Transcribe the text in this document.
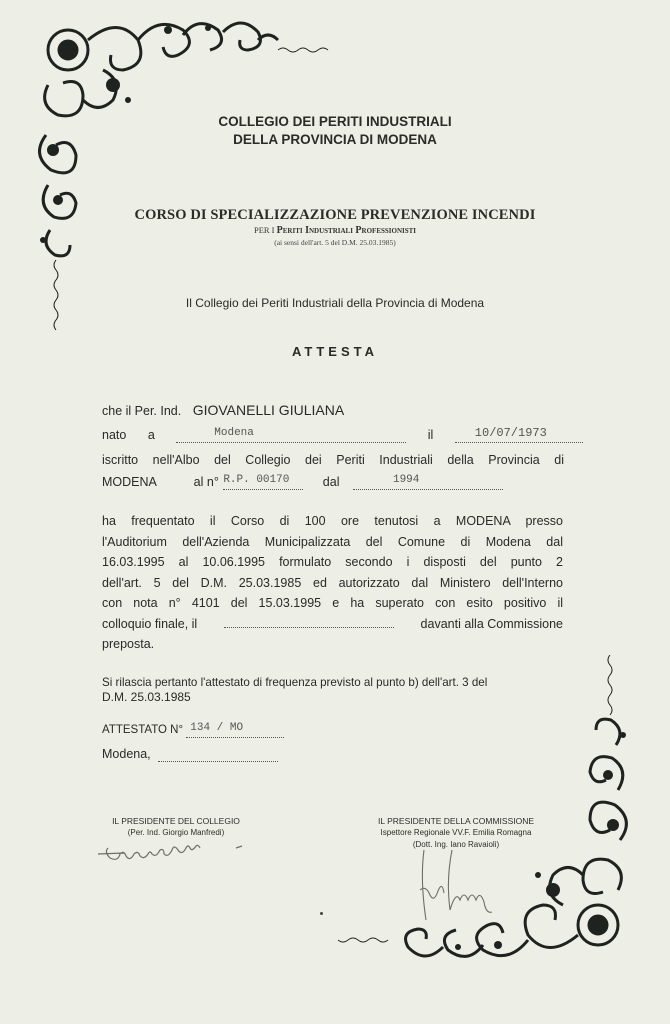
COLLEGIO DEI PERITI INDUSTRIALI
DELLA PROVINCIA DI MODENA
CORSO DI SPECIALIZZAZIONE PREVENZIONE INCENDI
PER I Periti Industriali Professionisti
(ai sensi dell'art. 5 del D.M. 25.03.1985)
Il Collegio dei Periti Industriali della Provincia di Modena
ATTESTA
che il Per. Ind. GIOVANELLI GIULIANA
nato a	Modena	il	10/07/1973
iscritto nell'Albo del Collegio dei Periti Industriali della Provincia di
MODENA	al n° R.P. 00170	dal	1994
ha frequentato il Corso di 100 ore tenutosi a MODENA presso
l'Auditorium dell'Azienda Municipalizzata del Comune di Modena dal
16.03.1995 al 10.06.1995 formulato secondo i disposti del punto 2
dell'art. 5 del D.M. 25.03.1985 ed autorizzato dal Ministero dell'Interno
con nota n° 4101 del 15.03.1995 e ha superato con esito positivo il
colloquio finale, il	davanti alla Commissione
preposta.
Si rilascia pertanto l'attestato di frequenza previsto al punto b) dell'art. 3 del
D.M. 25.03.1985
ATTESTATO N° 134 / MO
Modena,
IL PRESIDENTE DEL COLLEGIO
(Per. Ind. Giorgio Manfredi)
IL PRESIDENTE DELLA COMMISSIONE
Ispettore Regionale VV.F. Emilia Romagna
(Dott. Ing. Iano Ravaioli)
